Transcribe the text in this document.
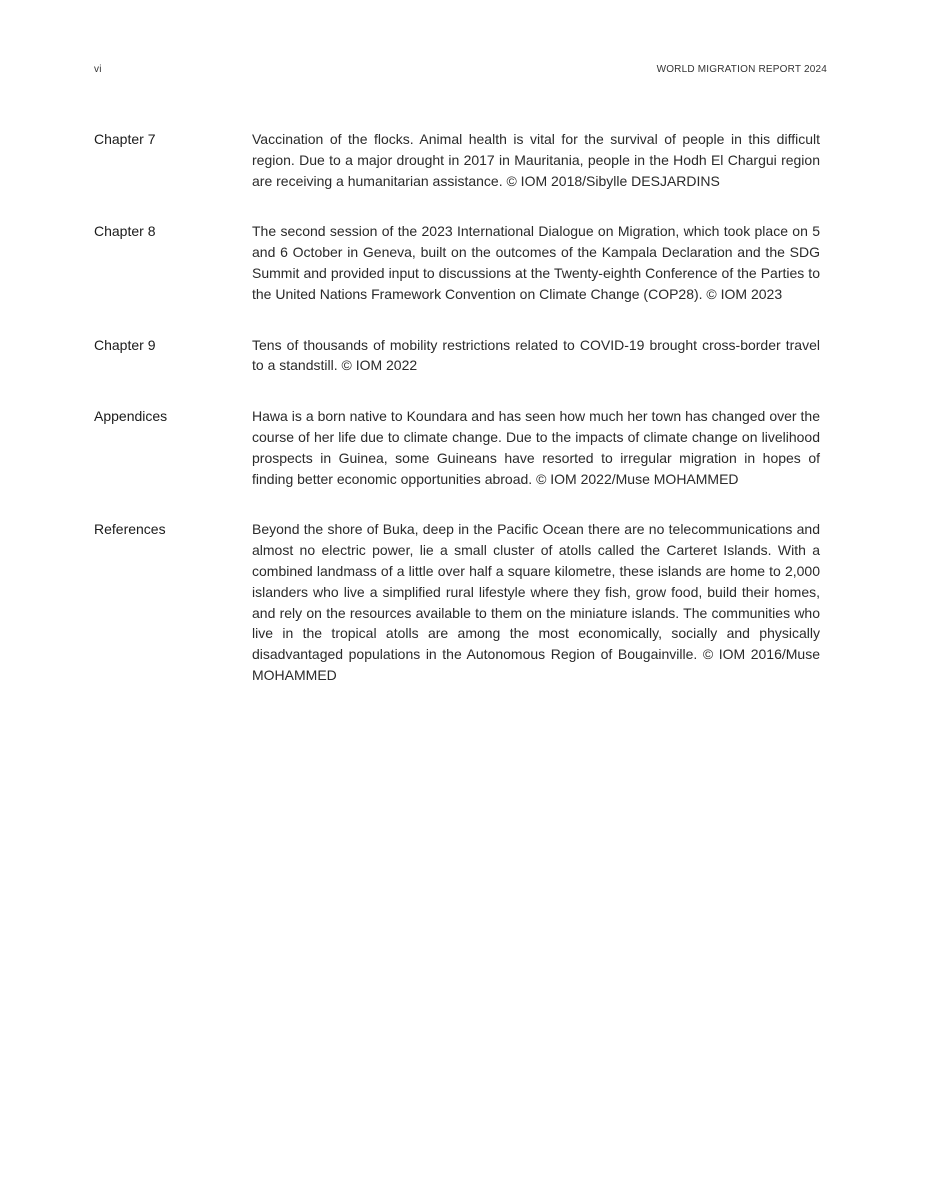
vi	WORLD MIGRATION REPORT 2024
Chapter 7	Vaccination of the flocks. Animal health is vital for the survival of people in this difficult region. Due to a major drought in 2017 in Mauritania, people in the Hodh El Chargui region are receiving a humanitarian assistance. © IOM 2018/Sibylle DESJARDINS
Chapter 8	The second session of the 2023 International Dialogue on Migration, which took place on 5 and 6 October in Geneva, built on the outcomes of the Kampala Declaration and the SDG Summit and provided input to discussions at the Twenty-eighth Conference of the Parties to the United Nations Framework Convention on Climate Change (COP28). © IOM 2023
Chapter 9	Tens of thousands of mobility restrictions related to COVID-19 brought cross-border travel to a standstill. © IOM 2022
Appendices	Hawa is a born native to Koundara and has seen how much her town has changed over the course of her life due to climate change. Due to the impacts of climate change on livelihood prospects in Guinea, some Guineans have resorted to irregular migration in hopes of finding better economic opportunities abroad. © IOM 2022/Muse MOHAMMED
References	Beyond the shore of Buka, deep in the Pacific Ocean there are no telecommunications and almost no electric power, lie a small cluster of atolls called the Carteret Islands. With a combined landmass of a little over half a square kilometre, these islands are home to 2,000 islanders who live a simplified rural lifestyle where they fish, grow food, build their homes, and rely on the resources available to them on the miniature islands. The communities who live in the tropical atolls are among the most economically, socially and physically disadvantaged populations in the Autonomous Region of Bougainville. © IOM 2016/Muse MOHAMMED
